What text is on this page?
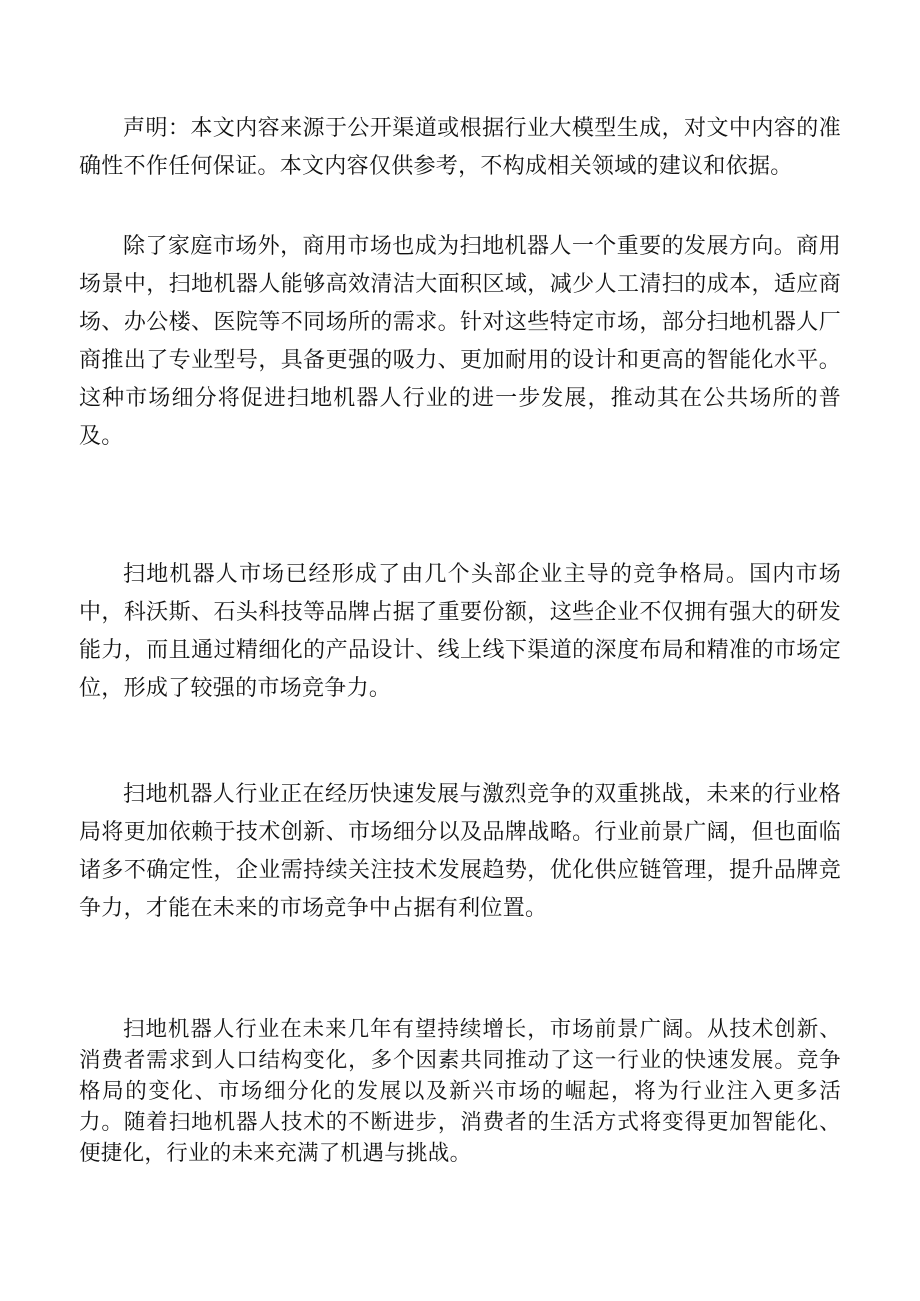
声明：本文内容来源于公开渠道或根据行业大模型生成，对文中内容的准确性不作任何保证。本文内容仅供参考，不构成相关领域的建议和依据。

除了家庭市场外，商用市场也成为扫地机器人一个重要的发展方向。商用场景中，扫地机器人能够高效清洁大面积区域，减少人工清扫的成本，适应商场、办公楼、医院等不同场所的需求。针对这些特定市场，部分扫地机器人厂商推出了专业型号，具备更强的吸力、更加耐用的设计和更高的智能化水平。这种市场细分将促进扫地机器人行业的进一步发展，推动其在公共场所的普及。

扫地机器人市场已经形成了由几个头部企业主导的竞争格局。国内市场中，科沃斯、石头科技等品牌占据了重要份额，这些企业不仅拥有强大的研发能力，而且通过精细化的产品设计、线上线下渠道的深度布局和精准的市场定位，形成了较强的市场竞争力。

扫地机器人行业正在经历快速发展与激烈竞争的双重挑战，未来的行业格局将更加依赖于技术创新、市场细分以及品牌战略。行业前景广阔，但也面临诸多不确定性，企业需持续关注技术发展趋势，优化供应链管理，提升品牌竞争力，才能在未来的市场竞争中占据有利位置。

扫地机器人行业在未来几年有望持续增长，市场前景广阔。从技术创新、消费者需求到人口结构变化，多个因素共同推动了这一行业的快速发展。竞争格局的变化、市场细分化的发展以及新兴市场的崛起，将为行业注入更多活力。随着扫地机器人技术的不断进步，消费者的生活方式将变得更加智能化、便捷化，行业的未来充满了机遇与挑战。
